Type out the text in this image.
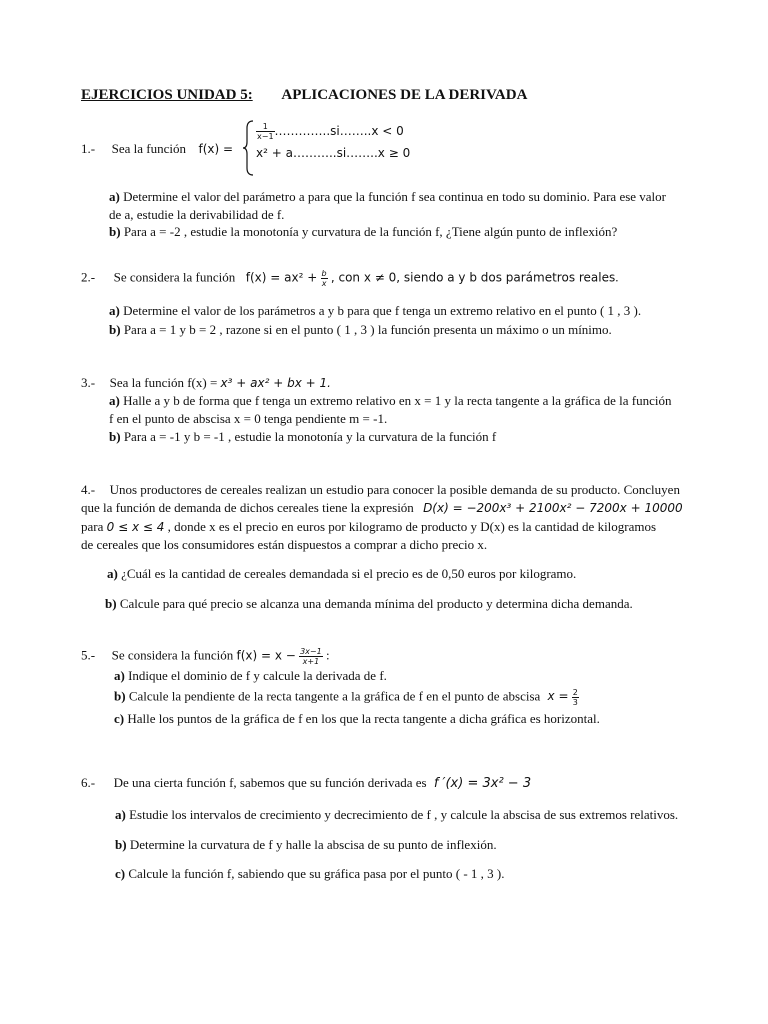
EJERCICIOS UNIDAD 5: APLICACIONES DE LA DERIVADA
1.- Sea la función f(x) =
$\frac{1}{x-1}$ …………..si……..x < 0
x² + a………..si……..x ≥ 0
a) Determine el valor del parámetro a para que la función f sea continua en todo su dominio. Para ese valor
de a, estudie la derivabilidad de f.
b) Para a = -2 , estudie la monotonía y curvatura de la función f, ¿Tiene algún punto de inflexión?
2.- Se considera la función $f(x) = ax^2 + \frac{b}{x}$ , con x ≠ 0, siendo a y b dos parámetros reales.
a) Determine el valor de los parámetros a y b para que f tenga un extremo relativo en el punto ( 1 , 3 ).
b) Para a = 1 y b = 2 , razone si en el punto ( 1 , 3 ) la función presenta un máximo o un mínimo.
3.- Sea la función f(x) = x³ + ax² + bx + 1.
a) Halle a y b de forma que f tenga un extremo relativo en x = 1 y la recta tangente a la gráfica de la función
f en el punto de abscisa x = 0 tenga pendiente m = -1.
b) Para a = -1 y b = -1 , estudie la monotonía y la curvatura de la función f
4.- Unos productores de cereales realizan un estudio para conocer la posible demanda de su producto. Concluyen
que la función de demanda de dichos cereales tiene la expresión D(x) = −200x³ + 2100x² − 7200x + 10000
para 0 ≤ x ≤ 4 , donde x es el precio en euros por kilogramo de producto y D(x) es la cantidad de kilogramos
de cereales que los consumidores están dispuestos a comprar a dicho precio x.
a) ¿Cuál es la cantidad de cereales demandada si el precio es de 0,50 euros por kilogramo.
b) Calcule para qué precio se alcanza una demanda mínima del producto y determina dicha demanda.
5.- Se considera la función $f(x) = x - \frac{3x-1}{x+1}$ :
a) Indique el dominio de f y calcule la derivada de f.
b) Calcule la pendiente de la recta tangente a la gráfica de f en el punto de abscisa $x = \frac{2}{3}$
c) Halle los puntos de la gráfica de f en los que la recta tangente a dicha gráfica es horizontal.
6.- De una cierta función f, sabemos que su función derivada es f ′(x) = 3x² − 3
a) Estudie los intervalos de crecimiento y decrecimiento de f , y calcule la abscisa de sus extremos relativos.
b) Determine la curvatura de f y halle la abscisa de su punto de inflexión.
c) Calcule la función f, sabiendo que su gráfica pasa por el punto ( - 1 , 3 ).
